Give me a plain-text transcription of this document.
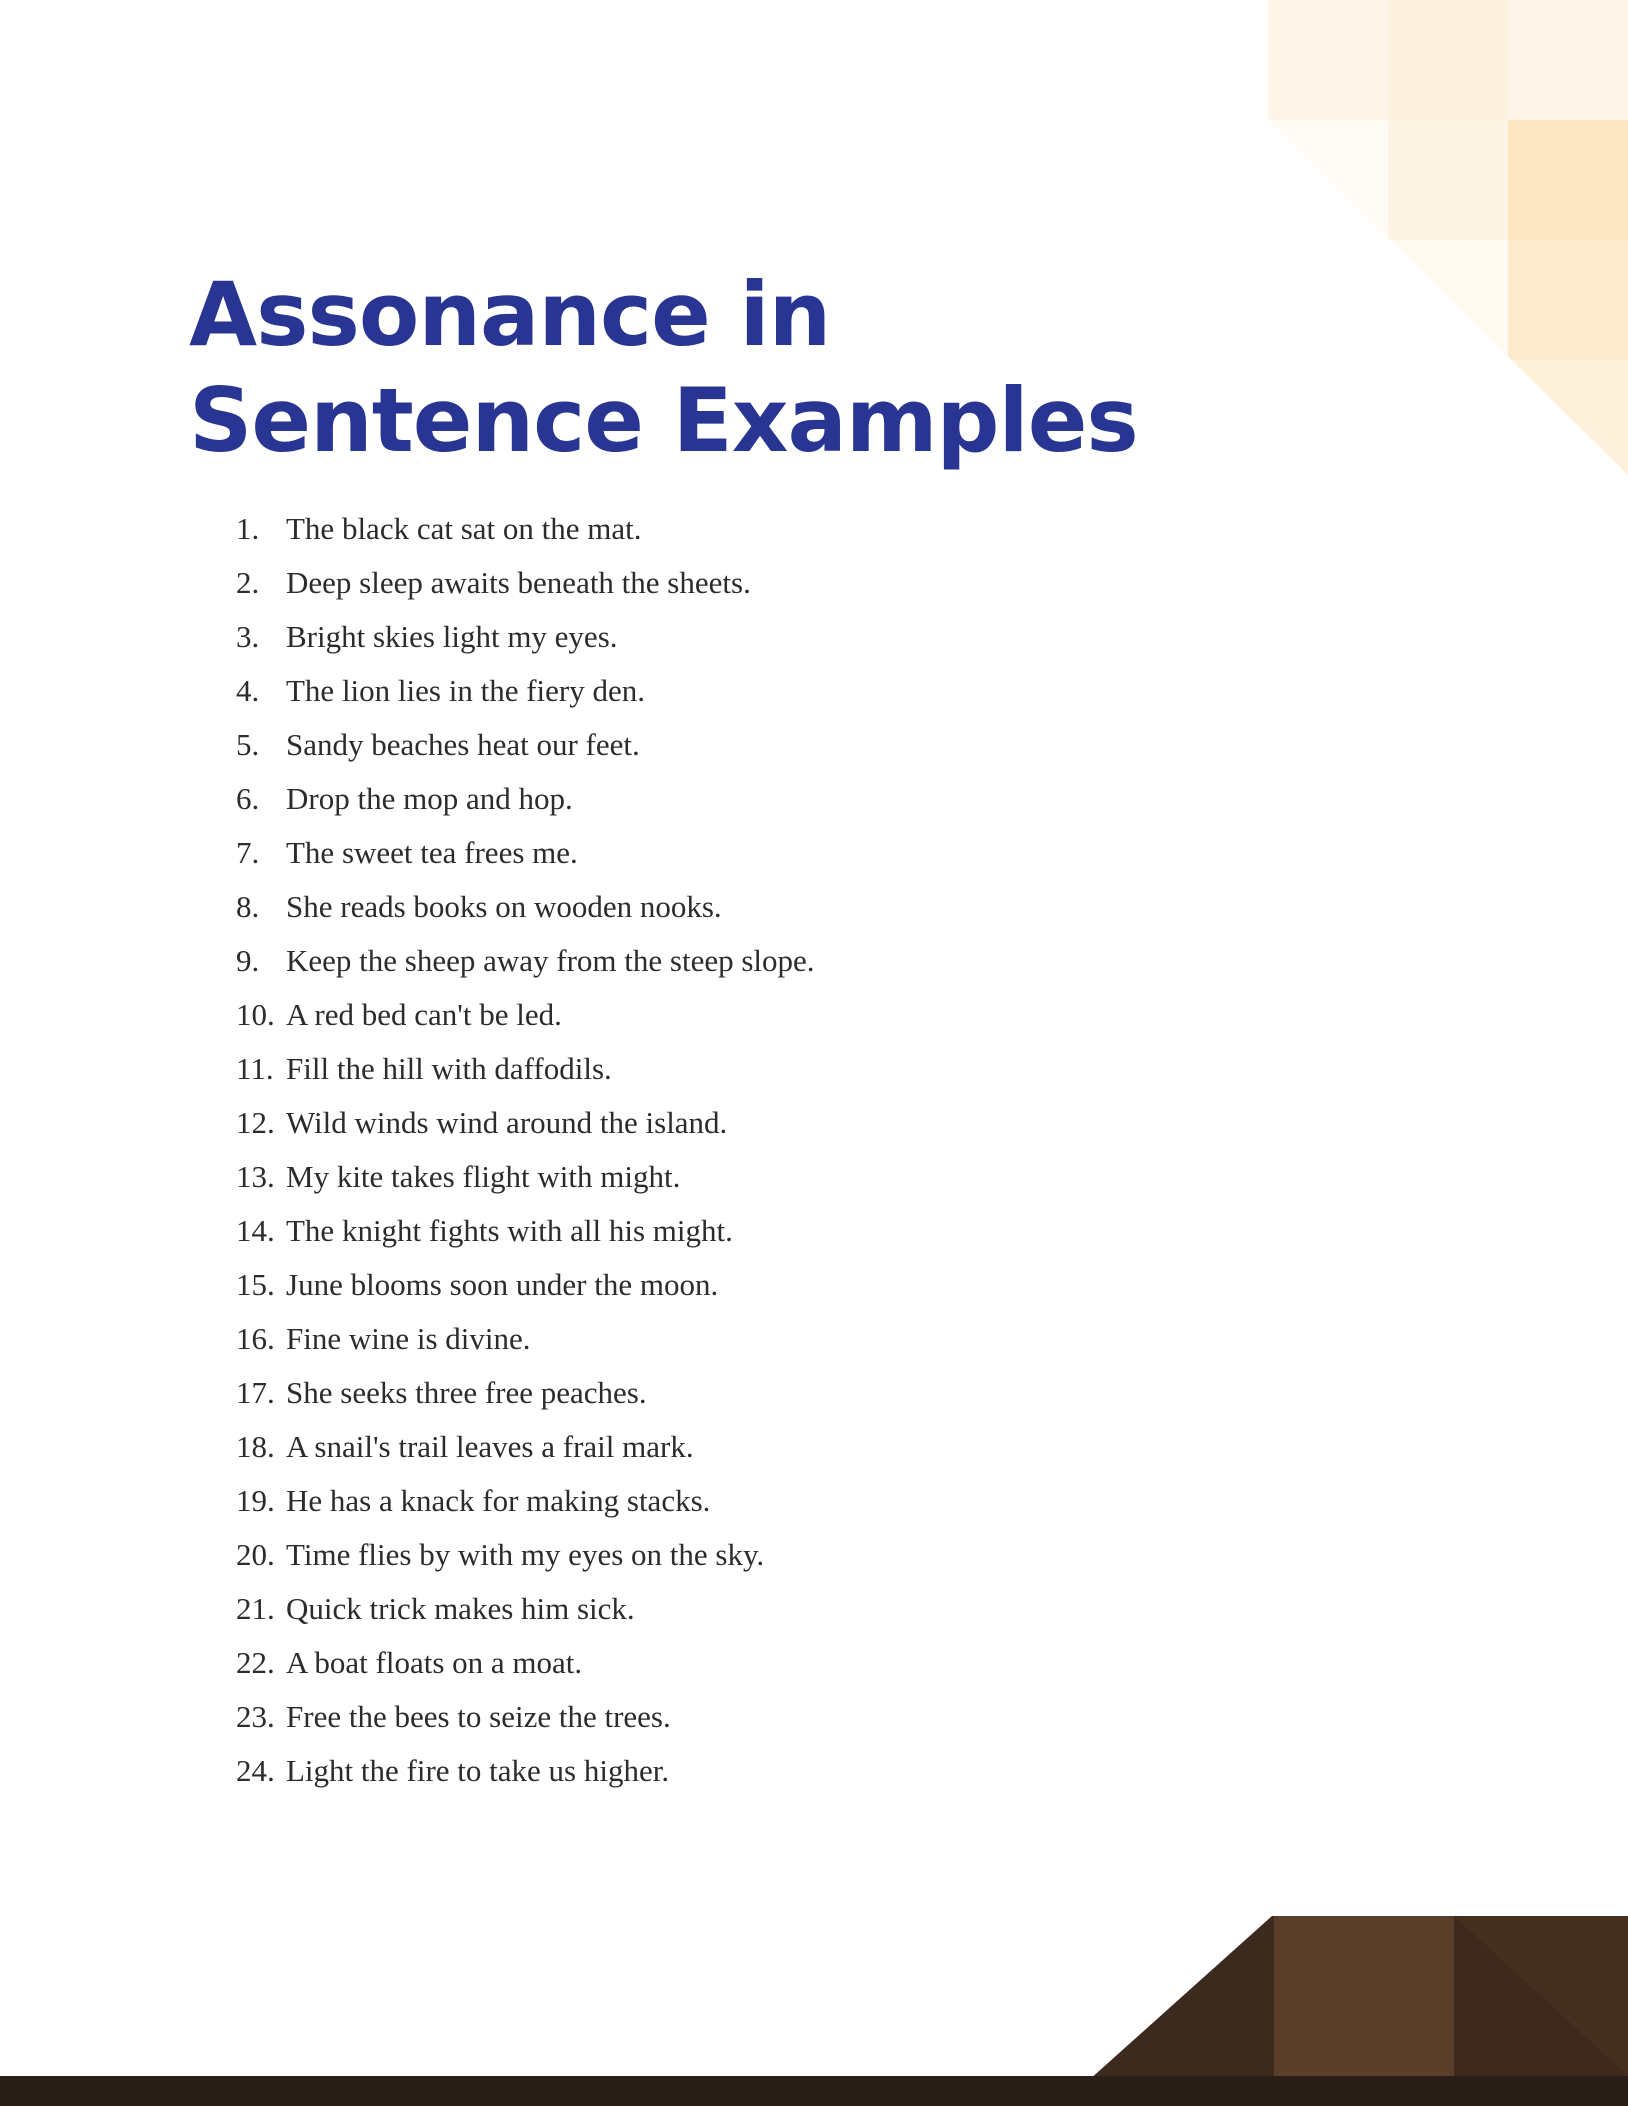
Assonance in
Sentence Examples
1. The black cat sat on the mat.
2. Deep sleep awaits beneath the sheets.
3. Bright skies light my eyes.
4. The lion lies in the fiery den.
5. Sandy beaches heat our feet.
6. Drop the mop and hop.
7. The sweet tea frees me.
8. She reads books on wooden nooks.
9. Keep the sheep away from the steep slope.
10. A red bed can't be led.
11. Fill the hill with daffodils.
12. Wild winds wind around the island.
13. My kite takes flight with might.
14. The knight fights with all his might.
15. June blooms soon under the moon.
16. Fine wine is divine.
17. She seeks three free peaches.
18. A snail's trail leaves a frail mark.
19. He has a knack for making stacks.
20. Time flies by with my eyes on the sky.
21. Quick trick makes him sick.
22. A boat floats on a moat.
23. Free the bees to seize the trees.
24. Light the fire to take us higher.
